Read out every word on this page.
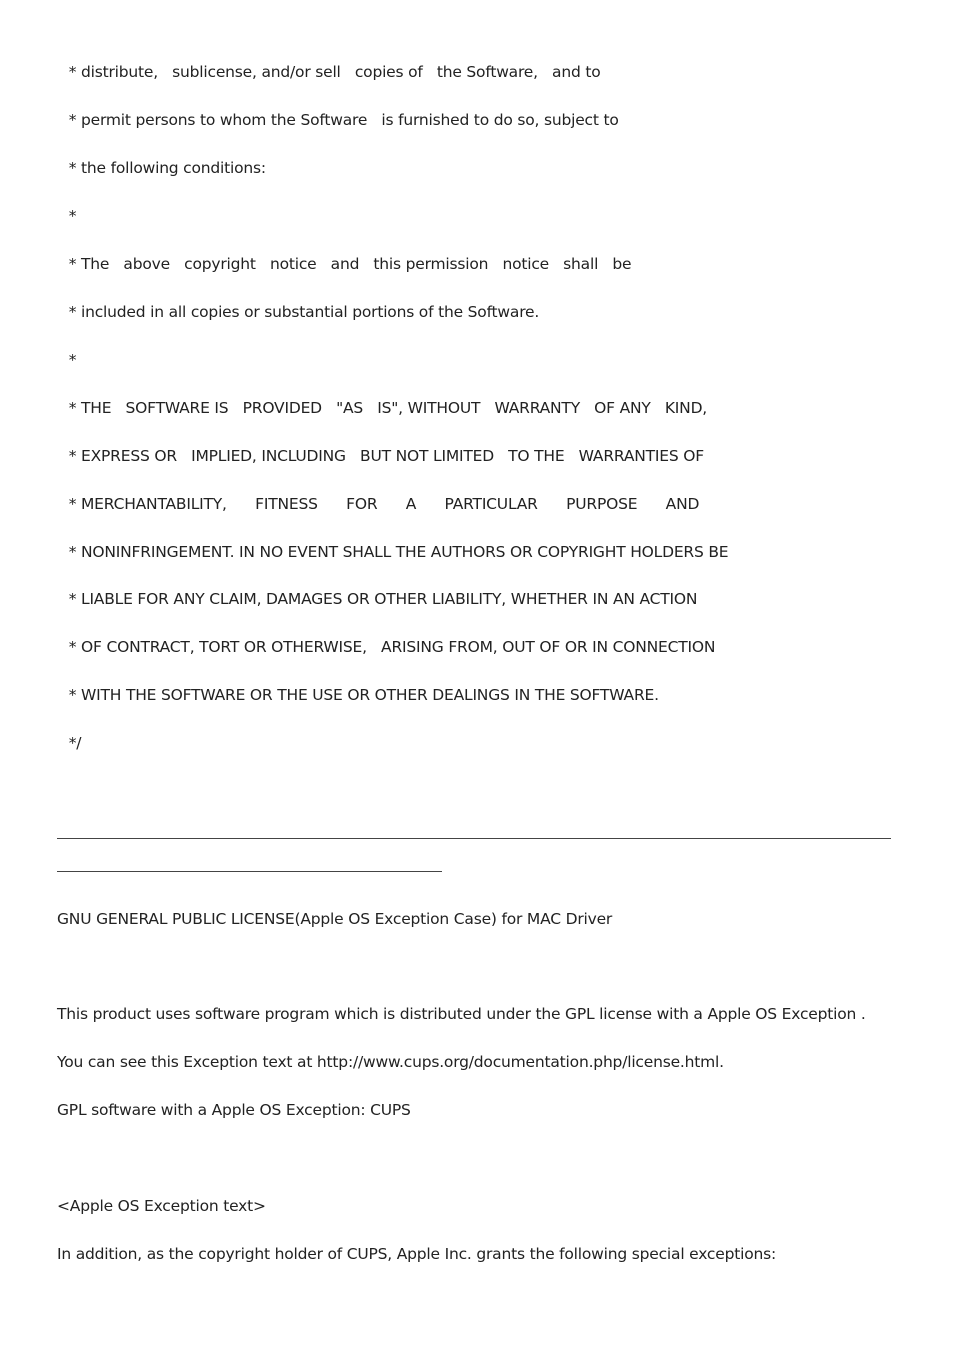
* distribute,   sublicense, and/or sell   copies of   the Software,   and to

* permit persons to whom the Software   is furnished to do so, subject to

* the following conditions:

*

* The   above   copyright   notice   and   this permission   notice   shall   be

* included in all copies or substantial portions of the Software.

*

* THE   SOFTWARE IS   PROVIDED   "AS   IS", WITHOUT   WARRANTY   OF ANY   KIND,

* EXPRESS OR   IMPLIED, INCLUDING   BUT NOT LIMITED   TO THE   WARRANTIES OF

* MERCHANTABILITY,      FITNESS      FOR      A      PARTICULAR      PURPOSE      AND

* NONINFRINGEMENT. IN NO EVENT SHALL THE AUTHORS OR COPYRIGHT HOLDERS BE

* LIABLE FOR ANY CLAIM, DAMAGES OR OTHER LIABILITY, WHETHER IN AN ACTION

* OF CONTRACT, TORT OR OTHERWISE,   ARISING FROM, OUT OF OR IN CONNECTION

* WITH THE SOFTWARE OR THE USE OR OTHER DEALINGS IN THE SOFTWARE.

*/

GNU GENERAL PUBLIC LICENSE(Apple OS Exception Case) for MAC Driver

This product uses software program which is distributed under the GPL license with a Apple OS Exception .

You can see this Exception text at http://www.cups.org/documentation.php/license.html.

GPL software with a Apple OS Exception: CUPS

<Apple OS Exception text>

In addition, as the copyright holder of CUPS, Apple Inc. grants the following special exceptions:
